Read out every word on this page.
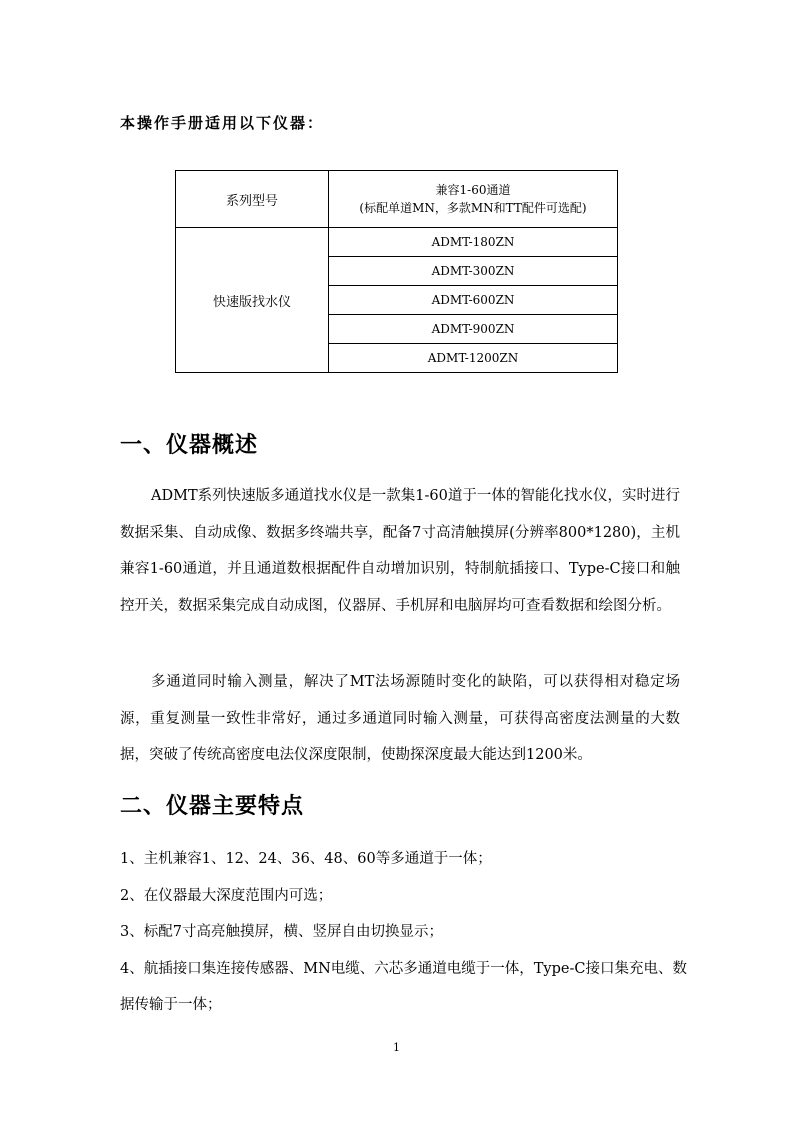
本操作手册适用以下仪器：

系列型号	兼容1-60通道
(标配单道MN，多款MN和TT配件可选配)

快速版找水仪	ADMT-180ZN
	ADMT-300ZN
	ADMT-600ZN
	ADMT-900ZN
	ADMT-1200ZN
一、仪器概述

ADMT系列快速版多通道找水仪是一款集1-60道于一体的智能化找水仪，实时进行数据采集、自动成像、数据多终端共享，配备7寸高清触摸屏(分辨率800*1280)，主机兼容1-60通道，并且通道数根据配件自动增加识别，特制航插接口、Type-C接口和触控开关，数据采集完成自动成图，仪器屏、手机屏和电脑屏均可查看数据和绘图分析。

多通道同时输入测量，解决了MT法场源随时变化的缺陷，可以获得相对稳定场源，重复测量一致性非常好，通过多通道同时输入测量，可获得高密度法测量的大数据，突破了传统高密度电法仪深度限制，使勘探深度最大能达到1200米。

二、仪器主要特点
1、主机兼容1、12、24、36、48、60等多通道于一体；
2、在仪器最大深度范围内可选；
3、标配7寸高亮触摸屏，横、竖屏自由切换显示；
4、航插接口集连接传感器、MN电缆、六芯多通道电缆于一体，Type-C接口集充电、数据传输于一体；
1
